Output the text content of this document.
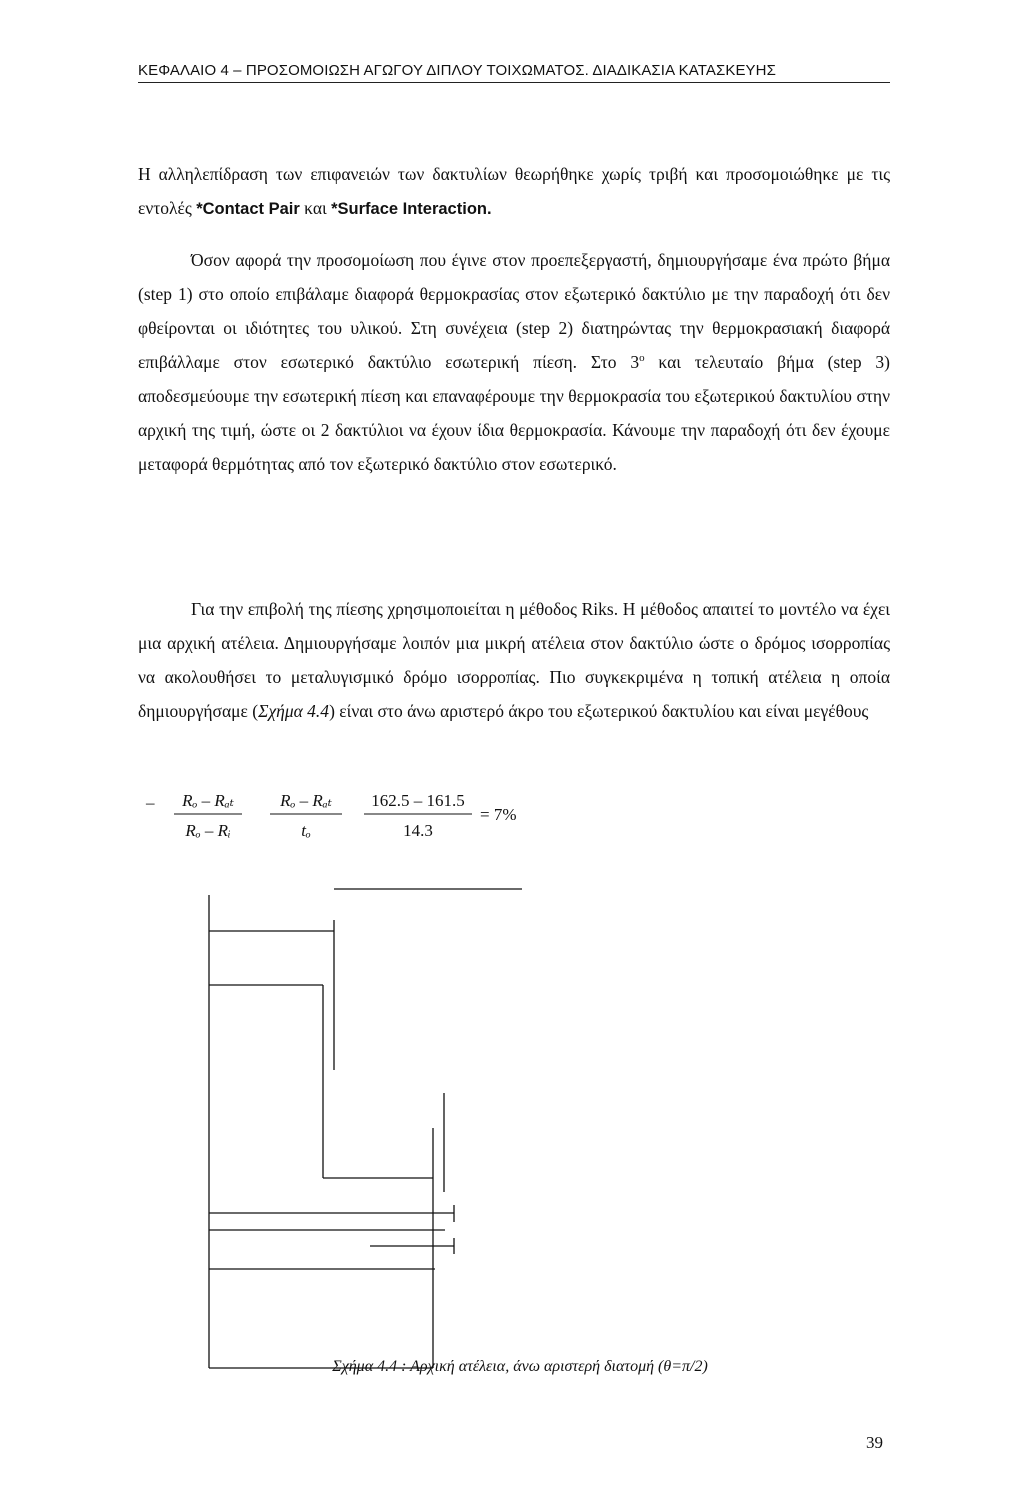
ΚΕΦΑΛΑΙΟ 4 – ΠΡΟΣΟΜΟΙΩΣΗ ΑΓΩΓΟΥ ΔΙΠΛΟΥ ΤΟΙΧΩΜΑΤΟΣ. ΔΙΑΔΙΚΑΣΙΑ ΚΑΤΑΣΚΕΥΗΣ

Η αλληλεπίδραση των επιφανειών των δακτυλίων θεωρήθηκε χωρίς τριβή και προσομοιώθηκε με τις εντολές *Contact Pair και *Surface Interaction.

Όσον αφορά την προσομοίωση που έγινε στον προεπεξεργαστή, δημιουργήσαμε ένα πρώτο βήμα (step 1) στο οποίο επιβάλαμε διαφορά θερμοκρασίας στον εξωτερικό δακτύλιο με την παραδοχή ότι δεν φθείρονται οι ιδιότητες του υλικού. Στη συνέχεια (step 2) διατηρώντας την θερμοκρασιακή διαφορά επιβάλλαμε στον εσωτερικό δακτύλιο εσωτερική πίεση. Στο $3^o$ και τελευταίο βήμα (step 3) αποδεσμεύουμε την εσωτερική πίεση και επαναφέρουμε την θερμοκρασία του εξωτερικού δακτυλίου στην αρχική της τιμή, ώστε οι 2 δακτύλιοι να έχουν ίδια θερμοκρασία. Κάνουμε την παραδοχή ότι δεν έχουμε μεταφορά θερμότητας από τον εξωτερικό δακτύλιο στον εσωτερικό.

Για την επιβολή της πίεσης χρησιμοποιείται η μέθοδος Riks. Η μέθοδος απαιτεί το μοντέλο να έχει μια αρχική ατέλεια. Δημιουργήσαμε λοιπόν μια μικρή ατέλεια στον δακτύλιο ώστε ο δρόμος ισορροπίας να ακολουθήσει το μεταλυγισμικό δρόμο ισορροπίας. Πιο συγκεκριμένα η τοπική ατέλεια η οποία δημιουργήσαμε (Σχήμα 4.4) είναι στο άνω αριστερό άκρο του εξωτερικού δακτυλίου και είναι μεγέθους

– Rₒ – Rₐₜ
Rₒ – Rᵢ
Rₒ – Rₐₜ
tₒ
162.5 – 161.5
14.3
= 7%
Σχήμα 4.4 : Αρχική ατέλεια, άνω αριστερή διατομή (θ=π/2)
39
